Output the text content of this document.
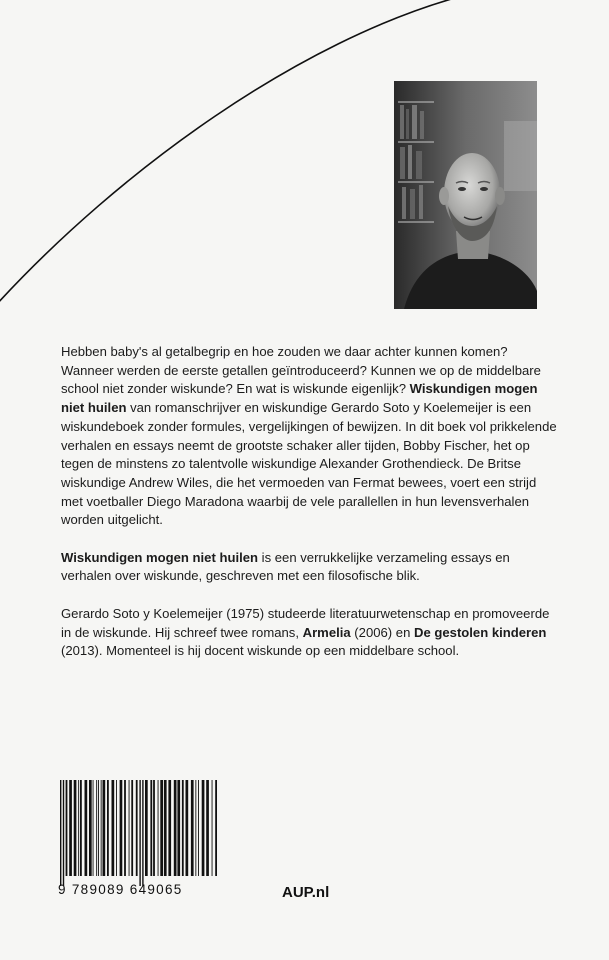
Hebben baby's al getalbegrip en hoe zouden we daar achter kunnen komen? Wanneer werden de eerste getallen geïntroduceerd? Kunnen we op de middelbare school niet zonder wiskunde? En wat is wiskunde eigenlijk? Wiskundigen mogen niet huilen van romanschrijver en wiskundige Gerardo Soto y Koelemeijer is een wiskundeboek zonder formules, vergelijkingen of bewijzen. In dit boek vol prikkelende verhalen en essays neemt de grootste schaker aller tijden, Bobby Fischer, het op tegen de minstens zo talentvolle wiskundige Alexander Grothendieck. De Britse wiskundige Andrew Wiles, die het vermoeden van Fermat bewees, voert een strijd met voetballer Diego Maradona waarbij de vele parallellen in hun levensverhalen worden uitgelicht.

Wiskundigen mogen niet huilen is een verrukkelijke verzameling essays en verhalen over wiskunde, geschreven met een filosofische blik.

Gerardo Soto y Koelemeijer (1975) studeerde literatuurwetenschap en promoveerde in de wiskunde. Hij schreef twee romans, Armelia (2006) en De gestolen kinderen (2013). Momenteel is hij docent wiskunde op een middelbare school.

9 789089 649065	AUP.nl
